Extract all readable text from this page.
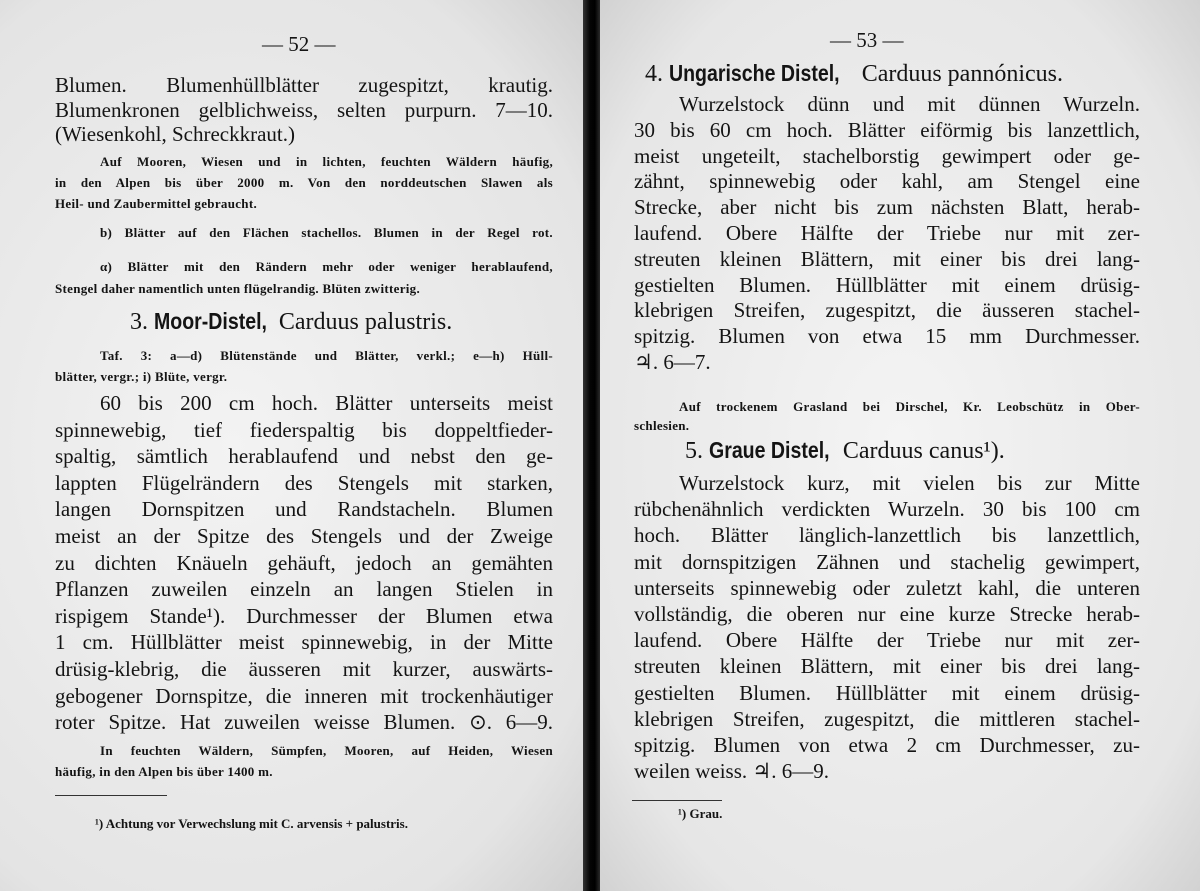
— 52 —
Blumen. Blumenhüllblätter zugespitzt, krautig.
Blumenkronen gelblichweiss, selten purpurn. 7—10.
(Wiesenkohl, Schreckkraut.)
Auf Mooren, Wiesen und in lichten, feuchten Wäldern häufig,
in den Alpen bis über 2000 m. Von den norddeutschen Slawen als
Heil- und Zaubermittel gebraucht.
b) Blätter auf den Flächen stachellos. Blumen in der Regel rot.
α) Blätter mit den Rändern mehr oder weniger herablaufend,
Stengel daher namentlich unten flügelrandig. Blüten zwitterig.
3. Moor-Distel, Carduus palustris.
Taf. 3: a—d) Blütenstände und Blätter, verkl.; e—h) Hüll-
blätter, vergr.; i) Blüte, vergr.
60 bis 200 cm hoch. Blätter unterseits meist
spinnewebig, tief fiederspaltig bis doppeltfieder-
spaltig, sämtlich herablaufend und nebst den ge-
lappten Flügelrändern des Stengels mit starken,
langen Dornspitzen und Randstacheln. Blumen
meist an der Spitze des Stengels und der Zweige
zu dichten Knäueln gehäuft, jedoch an gemähten
Pflanzen zuweilen einzeln an langen Stielen in
rispigem Stande¹). Durchmesser der Blumen etwa
1 cm. Hüllblätter meist spinnewebig, in der Mitte
drüsig-klebrig, die äusseren mit kurzer, auswärts-
gebogener Dornspitze, die inneren mit trockenhäutiger
roter Spitze. Hat zuweilen weisse Blumen. ⊙. 6—9.
In feuchten Wäldern, Sümpfen, Mooren, auf Heiden, Wiesen
häufig, in den Alpen bis über 1400 m.
¹) Achtung vor Verwechslung mit C. arvensis + palustris.
— 53 —
4. Ungarische Distel, Carduus pannónicus.
Wurzelstock dünn und mit dünnen Wurzeln.
30 bis 60 cm hoch. Blätter eiförmig bis lanzettlich,
meist ungeteilt, stachelborstig gewimpert oder ge-
zähnt, spinnewebig oder kahl, am Stengel eine
Strecke, aber nicht bis zum nächsten Blatt, herab-
laufend. Obere Hälfte der Triebe nur mit zer-
streuten kleinen Blättern, mit einer bis drei lang-
gestielten Blumen. Hüllblätter mit einem drüsig-
klebrigen Streifen, zugespitzt, die äusseren stachel-
spitzig. Blumen von etwa 15 mm Durchmesser.
♃. 6—7.
Auf trockenem Grasland bei Dirschel, Kr. Leobschütz in Ober-
schlesien.
5. Graue Distel, Carduus canus¹).
Wurzelstock kurz, mit vielen bis zur Mitte
rübchenähnlich verdickten Wurzeln. 30 bis 100 cm
hoch. Blätter länglich-lanzettlich bis lanzettlich,
mit dornspitzigen Zähnen und stachelig gewimpert,
unterseits spinnewebig oder zuletzt kahl, die unteren
vollständig, die oberen nur eine kurze Strecke herab-
laufend. Obere Hälfte der Triebe nur mit zer-
streuten kleinen Blättern, mit einer bis drei lang-
gestielten Blumen. Hüllblätter mit einem drüsig-
klebrigen Streifen, zugespitzt, die mittleren stachel-
spitzig. Blumen von etwa 2 cm Durchmesser, zu-
weilen weiss. ♃. 6—9.
¹) Grau.
